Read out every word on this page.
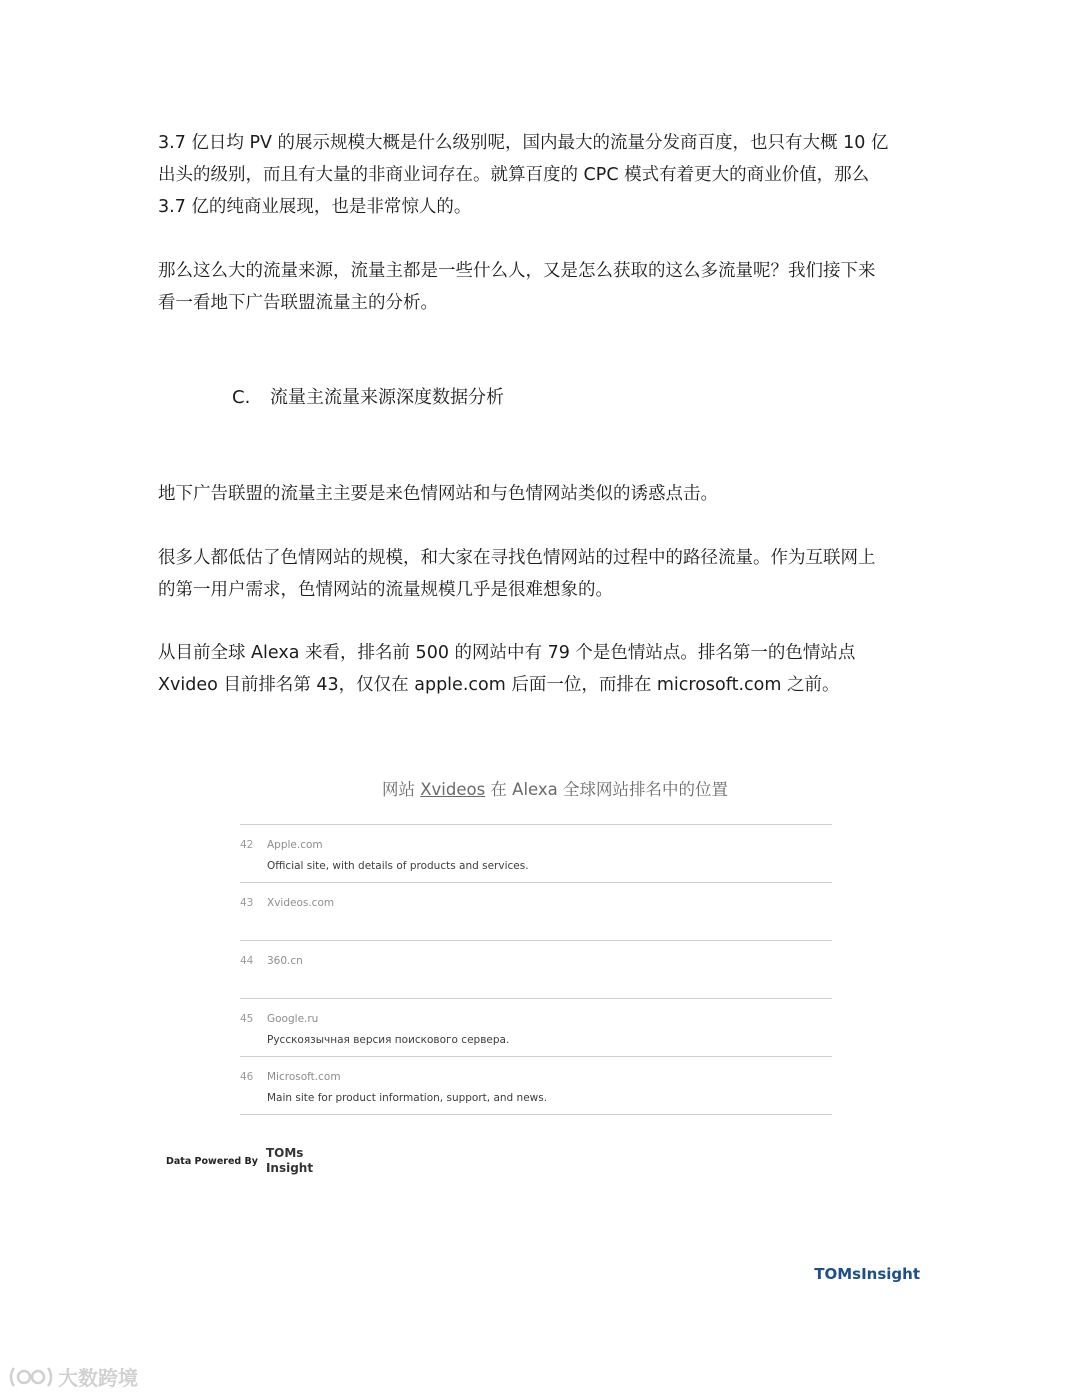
3.7 亿日均 PV 的展示规模大概是什么级别呢，国内最大的流量分发商百度，也只有大概 10 亿
出头的级别，而且有大量的非商业词存在。就算百度的 CPC 模式有着更大的商业价值，那么
3.7 亿的纯商业展现，也是非常惊人的。
那么这么大的流量来源，流量主都是一些什么人，又是怎么获取的这么多流量呢？我们接下来
看一看地下广告联盟流量主的分析。
C. 流量主流量来源深度数据分析
地下广告联盟的流量主主要是来色情网站和与色情网站类似的诱惑点击。
很多人都低估了色情网站的规模，和大家在寻找色情网站的过程中的路径流量。作为互联网上
的第一用户需求，色情网站的流量规模几乎是很难想象的。
从目前全球 Alexa 来看，排名前 500 的网站中有 79 个是色情站点。排名第一的色情站点
Xvideo 目前排名第 43，仅仅在 apple.com 后面一位，而排在 microsoft.com 之前。
网站 Xvideos 在 Alexa 全球网站排名中的位置
42 Apple.com
Official site, with details of products and services.
43 Xvideos.com
44 360.cn
45 Google.ru
Русскоязычная версия поискового сервера.
46 Microsoft.com
Main site for product information, support, and news.
Data Powered By
TOMs
Insight
TOMsInsight
大数跨境
